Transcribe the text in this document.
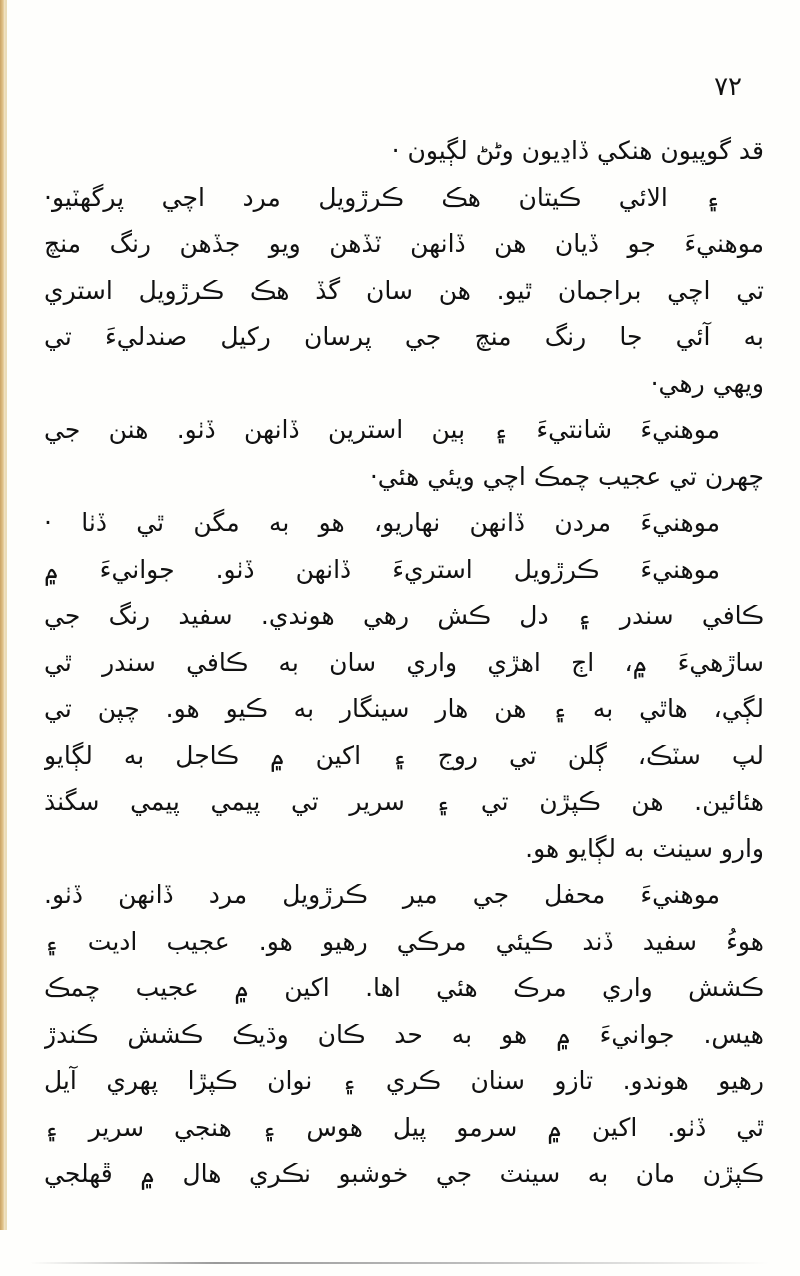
٧٢
قد گوپيون هنکي ڏاڍيون وڻڻ لڳيون ·
۽ الائي ڪيتان هڪ ڪرڙويل مرد اچي پرگهٽيو·
موهنيءَ جو ڏيان هن ڏانهن ٽڏهن ويو جڏهن رنگ منچ
تي اچي براجمان ٿيو. هن سان گڏ هڪ ڪرڙويل استري
به آئي جا رنگ منچ جي پرسان رکيل صندليءَ تي
ويهي رهي·
موهنيءَ شانتيءَ ۽ ٻين استرين ڏانهن ڏٺو. هنن جي
چهرن تي عجيب چمڪ اچي ويئي هئي·
موهنيءَ مردن ڏانهن نهاريو، هو به مگن ٿي ڏٺا ·
موهنيءَ ڪرڙويل استريءَ ڏانهن ڏٺو. جوانيءَ ۾
ڪافي سندر ۽ دل ڪش رهي هوندي. سفيد رنگ جي
ساڙهيءَ ۾، اڄ اهڙي واري سان به ڪافي سندر ٿي
لڳي، هاٿي به ۽ هن هار سينگار به ڪيو هو. چپن تي
لپ سٽڪ، ڳلن تي روج ۽ اکين ۾ ڪاجل به لڳايو
هئائين. هن ڪپڙن تي ۽ سرير تي پيمي پيمي سگنڌ
وارو سينٽ به لڳايو هو.
موهنيءَ محفل جي مير ڪرڙويل مرد ڏانهن ڏٺو.
هوءُ سفيد ڏند ڪيئي مرڪي رهيو هو. عجيب اديت ۽
ڪشش واري مرڪ هئي اها. اکين ۾ عجيب چمڪ
هيس. جوانيءَ ۾ هو به حد ڪان وڌيڪ ڪشش ڪندڙ
رهيو هوندو. تازو سنان ڪري ۽ نوان ڪپڙا پهري آيل
ٿي ڏٺو. اکين ۾ سرمو پيل هوس ۽ هنجي سرير ۽
ڪپڙن مان به سينٽ جي خوشبو نڪري هال ۾ ڦهلجي
